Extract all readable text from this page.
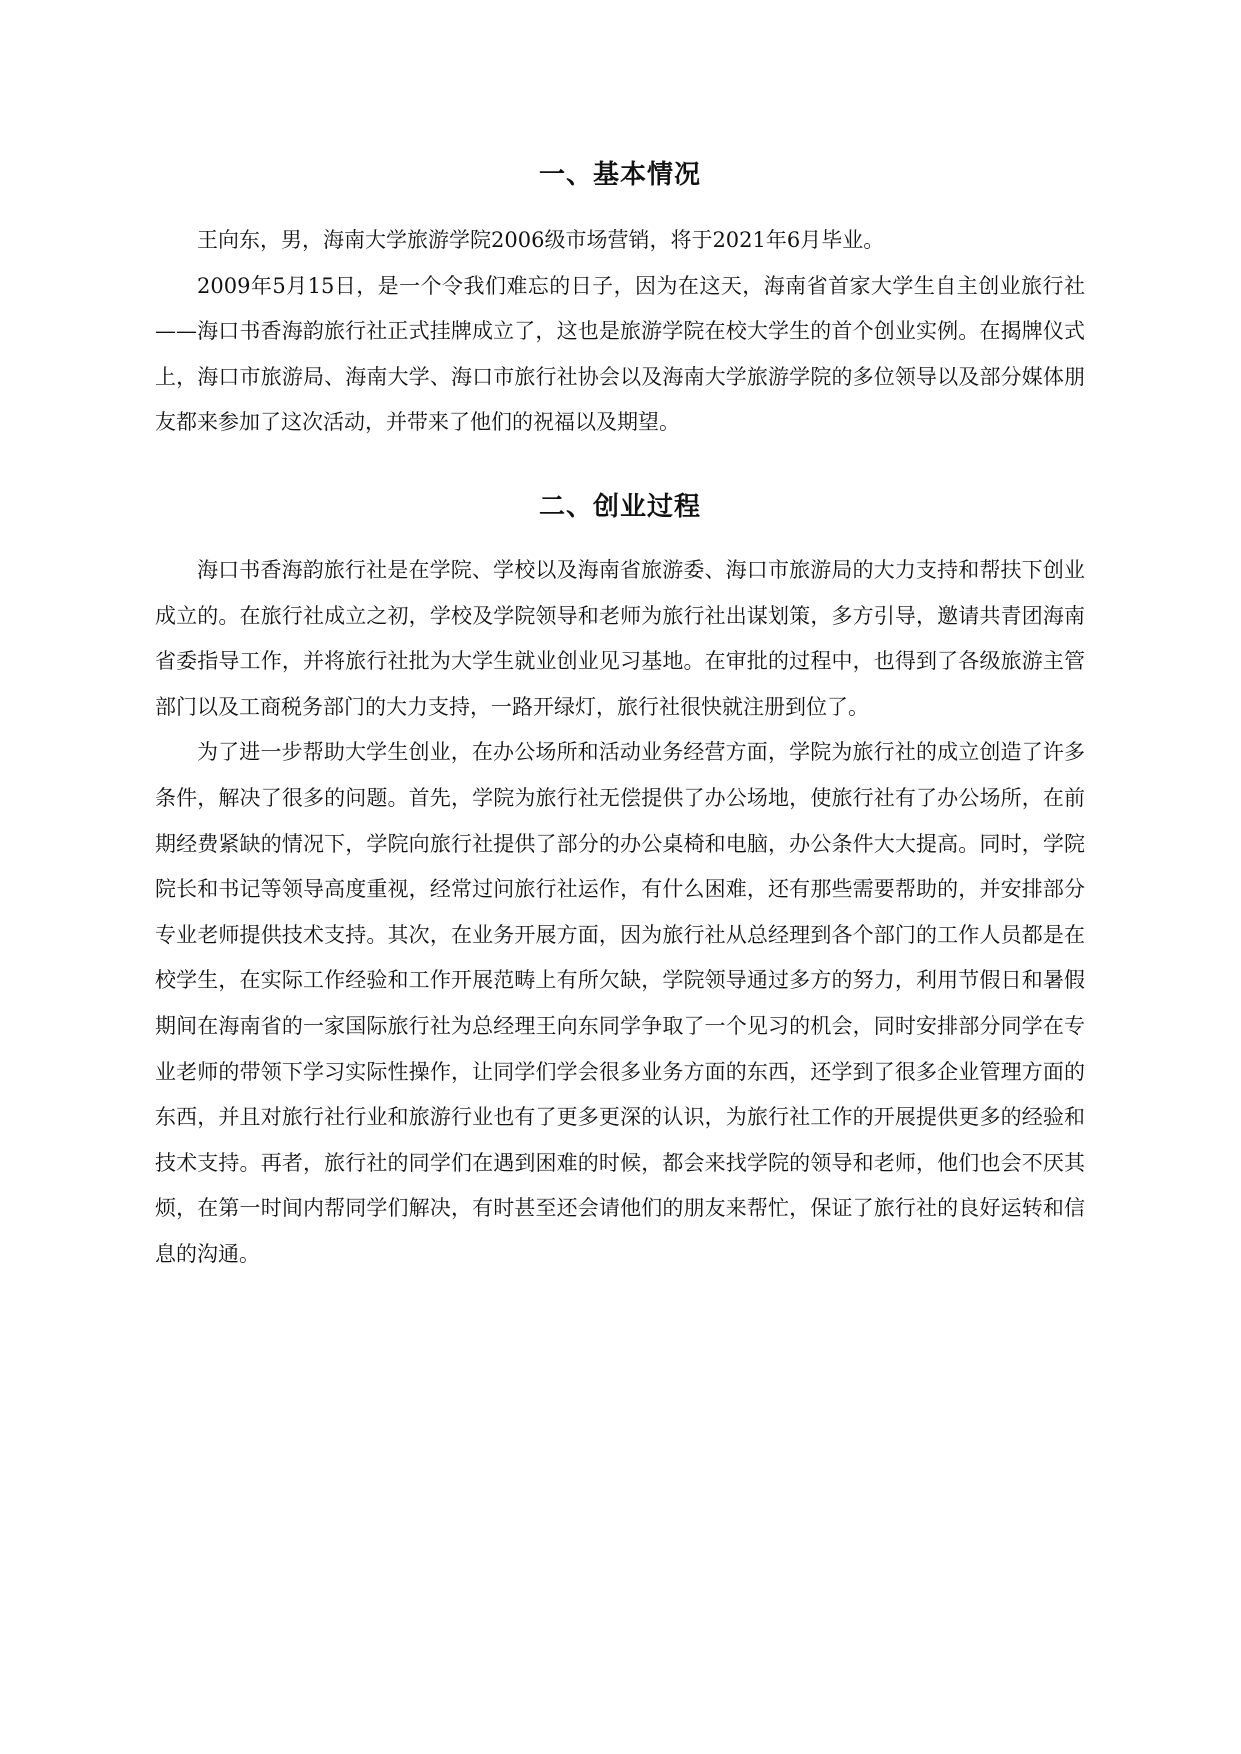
一、基本情况

王向东，男，海南大学旅游学院2006级市场营销，将于2021年6月毕业。

2009年5月15日，是一个令我们难忘的日子，因为在这天，海南省首家大学生自主创业旅行社——海口书香海韵旅行社正式挂牌成立了，这也是旅游学院在校大学生的首个创业实例。在揭牌仪式上，海口市旅游局、海南大学、海口市旅行社协会以及海南大学旅游学院的多位领导以及部分媒体朋友都来参加了这次活动，并带来了他们的祝福以及期望。

二、创业过程

海口书香海韵旅行社是在学院、学校以及海南省旅游委、海口市旅游局的大力支持和帮扶下创业成立的。在旅行社成立之初，学校及学院领导和老师为旅行社出谋划策，多方引导，邀请共青团海南省委指导工作，并将旅行社批为大学生就业创业见习基地。在审批的过程中，也得到了各级旅游主管部门以及工商税务部门的大力支持，一路开绿灯，旅行社很快就注册到位了。

为了进一步帮助大学生创业，在办公场所和活动业务经营方面，学院为旅行社的成立创造了许多条件，解决了很多的问题。首先，学院为旅行社无偿提供了办公场地，使旅行社有了办公场所，在前期经费紧缺的情况下，学院向旅行社提供了部分的办公桌椅和电脑，办公条件大大提高。同时，学院院长和书记等领导高度重视，经常过问旅行社运作，有什么困难，还有那些需要帮助的，并安排部分专业老师提供技术支持。其次，在业务开展方面，因为旅行社从总经理到各个部门的工作人员都是在校学生，在实际工作经验和工作开展范畴上有所欠缺，学院领导通过多方的努力，利用节假日和暑假期间在海南省的一家国际旅行社为总经理王向东同学争取了一个见习的机会，同时安排部分同学在专业老师的带领下学习实际性操作，让同学们学会很多业务方面的东西，还学到了很多企业管理方面的东西，并且对旅行社行业和旅游行业也有了更多更深的认识，为旅行社工作的开展提供更多的经验和技术支持。再者，旅行社的同学们在遇到困难的时候，都会来找学院的领导和老师，他们也会不厌其烦，在第一时间内帮同学们解决，有时甚至还会请他们的朋友来帮忙，保证了旅行社的良好运转和信息的沟通。
